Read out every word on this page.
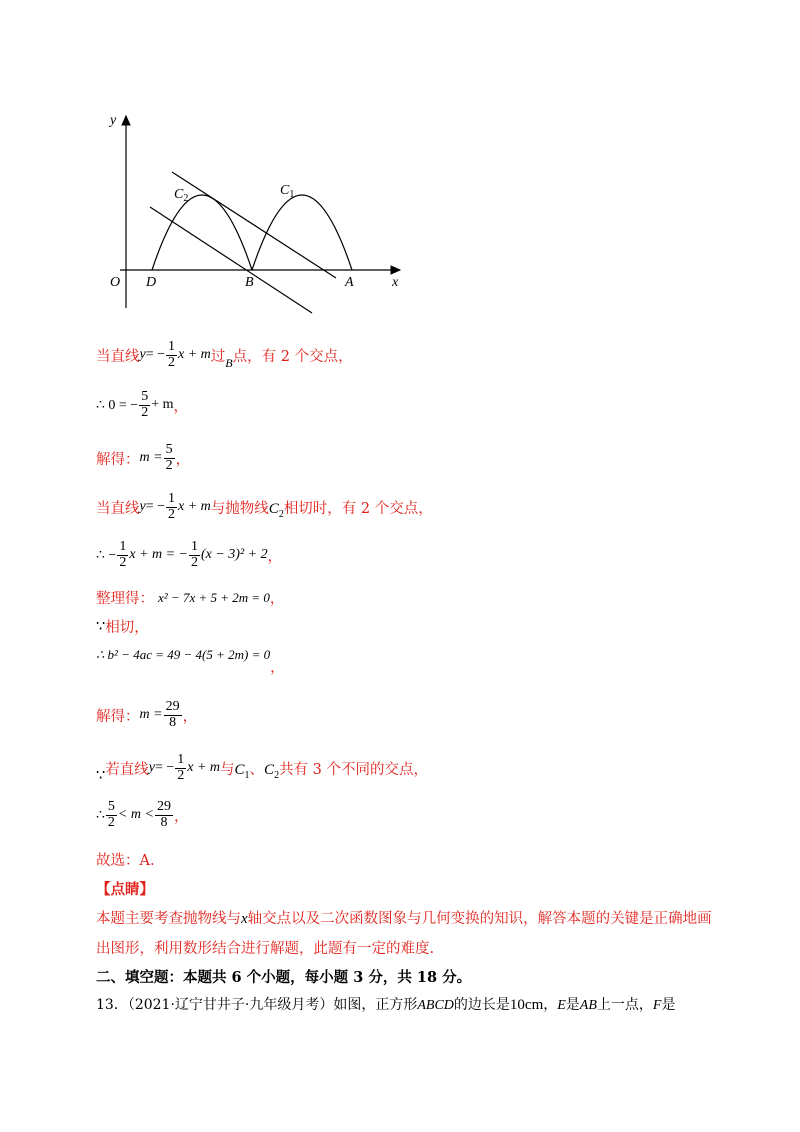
y
x
O D	B	A
$C_2$
$C_1$
当直线 y = − $\frac{1}{2}$ x + m 过 B 点，有 2 个交点，
∴ 0 = − $\frac{5}{2} + m$ ，
解得： $m = \frac{5}{2}$ ，
当直线 y = − $\frac{1}{2}$ x + m 与抛物线 $C_2$ 相切时，有 2 个交点，
∴ − $\frac{1}{2}$ x + m = − $\frac{1}{2} (x - 3)^2 + 2$ ，
整理得： x² − 7x + 5 + 2m = 0 ，
∵ 相切，
∴ b² − 4ac = 49 − 4(5 + 2m) = 0
，
解得： $m = \frac{29}{8}$ ，
∵ 若直线 y = − $\frac{1}{2}$ x + m 与 $C_1$ 、 $C_2$ 共有 3 个不同的交点，
∴ $\frac{5}{2} < m < \frac{29}{8}$ ，
故选：A.
【点睛】
本题主要考查抛物线与x轴交点以及二次函数图象与几何变换的知识，解答本题的关键是正确地画
出图形，利用数形结合进行解题，此题有一定的难度.
二、填空题：本题共 6 个小题，每小题 3 分，共 18 分。
13．（2021·辽宁甘井子·九年级月考）如图，正方形ABCD的边长是10cm，E是AB上一点，F是
